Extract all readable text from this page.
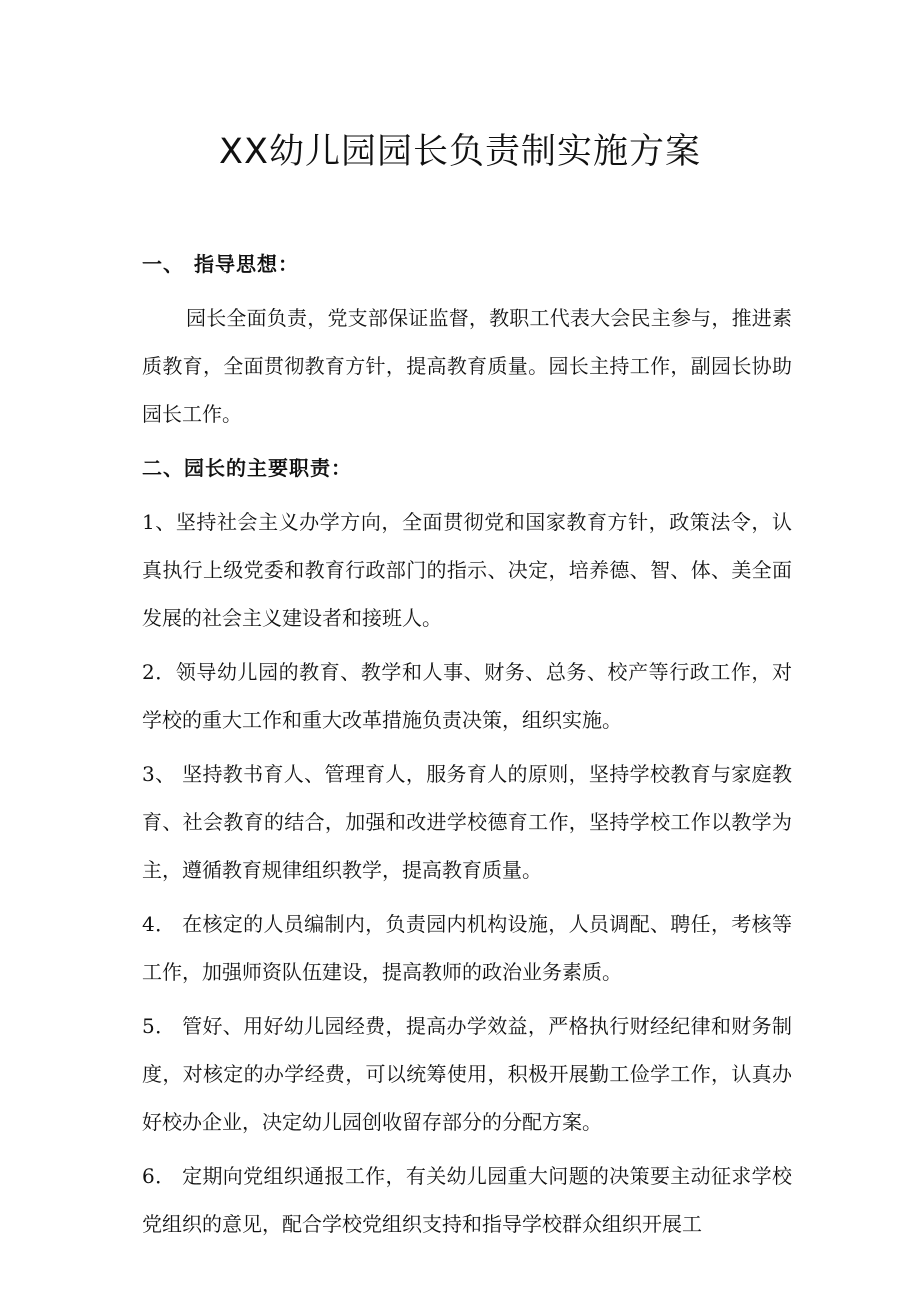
XX幼儿园园长负责制实施方案

一、 指导思想：

园长全面负责，党支部保证监督，教职工代表大会民主参与，推进素质教育，全面贯彻教育方针，提高教育质量。园长主持工作，副园长协助园长工作。

二、园长的主要职责：

1、坚持社会主义办学方向，全面贯彻党和国家教育方针，政策法令，认真执行上级党委和教育行政部门的指示、决定，培养德、智、体、美全面发展的社会主义建设者和接班人。

2．领导幼儿园的教育、教学和人事、财务、总务、校产等行政工作，对学校的重大工作和重大改革措施负责决策，组织实施。

3、 坚持教书育人、管理育人，服务育人的原则，坚持学校教育与家庭教育、社会教育的结合，加强和改进学校德育工作，坚持学校工作以教学为主，遵循教育规律组织教学，提高教育质量。

4． 在核定的人员编制内，负责园内机构设施，人员调配、聘任，考核等工作，加强师资队伍建设，提高教师的政治业务素质。

5． 管好、用好幼儿园经费，提高办学效益，严格执行财经纪律和财务制度，对核定的办学经费，可以统筹使用，积极开展勤工俭学工作，认真办好校办企业，决定幼儿园创收留存部分的分配方案。

6． 定期向党组织通报工作，有关幼儿园重大问题的决策要主动征求学校党组织的意见，配合学校党组织支持和指导学校群众组织开展工
